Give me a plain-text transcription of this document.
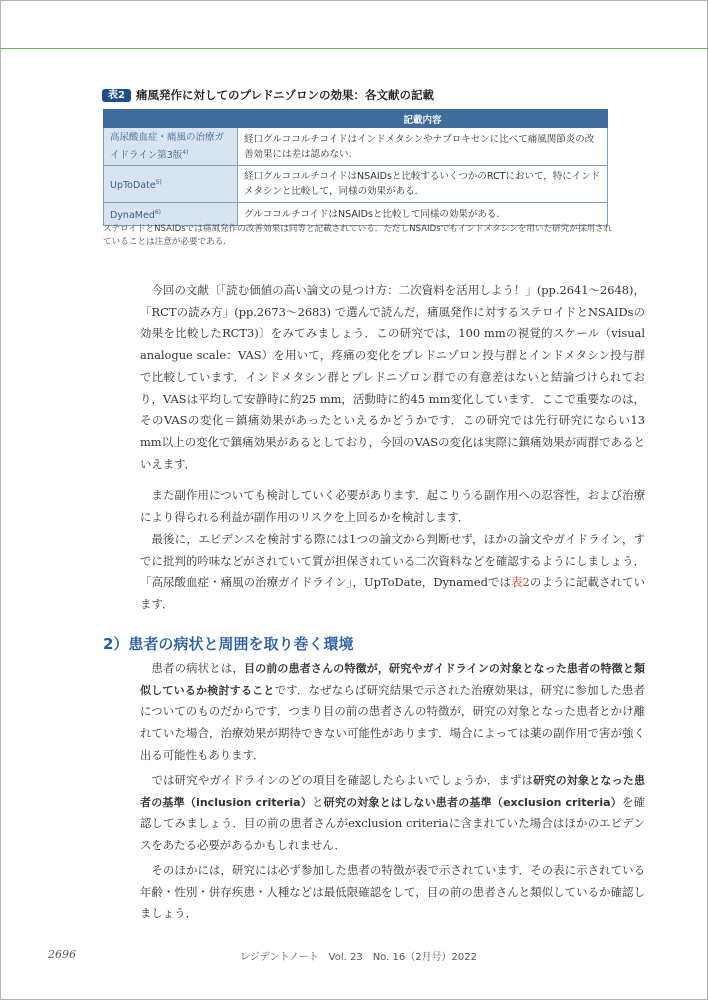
表2 痛風発作に対してのプレドニゾロンの効果：各文献の記載
	記載内容
高尿酸血症・痛風の治療ガイドライン第3版$^{4)}$	経口グルココルチコイドはインドメタシンやナプロキセンに比べて痛風関節炎の改善効果には差は認めない.
UpToDate$^{5)}$	経口グルココルチコイドはNSAIDsと比較するいくつかのRCTにおいて，特にインドメタシンと比較して，同様の効果がある.
DynaMed$^{6)}$	グルココルチコイドはNSAIDsと比較して同様の効果がある.
ステロイドとNSAIDsでは痛風発作の改善効果は同等と記載されている．ただしNSAIDsでもインドメタシンを用いた研究が採用されていることは注意が必要である．
今回の文献〔「読む価値の高い論文の見つけ方：二次資料を活用しよう！」(pp.2641～2648)，「RCTの読み方」(pp.2673～2683) で選んで読んだ，痛風発作に対するステロイドとNSAIDsの効果を比較したRCT3)〕をみてみましょう．この研究では，100 mmの視覚的スケール（visual analogue scale：VAS）を用いて，疼痛の変化をプレドニゾロン投与群とインドメタシン投与群で比較しています．インドメタシン群とプレドニゾロン群での有意差はないと結論づけられており，VASは平均して安静時に約25 mm，活動時に約45 mm変化しています．ここで重要なのは，そのVASの変化＝鎮痛効果があったといえるかどうかです．この研究では先行研究にならい13 mm以上の変化で鎮痛効果があるとしており，今回のVASの変化は実際に鎮痛効果が両群であるといえます．
また副作用についても検討していく必要があります．起こりうる副作用への忍容性，および治療により得られる利益が副作用のリスクを上回るかを検討します．
最後に，エビデンスを検討する際には1つの論文から判断せず，ほかの論文やガイドライン，すでに批判的吟味などがされていて質が担保されている二次資料などを確認するようにしましょう．「高尿酸血症・痛風の治療ガイドライン」，UpToDate，Dynamedでは表2のように記載されています．
2）患者の病状と周囲を取り巻く環境
患者の病状とは，目の前の患者さんの特徴が，研究やガイドラインの対象となった患者の特徴と類似しているか検討することです．なぜならば研究結果で示された治療効果は，研究に参加した患者についてのものだからです．つまり目の前の患者さんの特徴が，研究の対象となった患者とかけ離れていた場合，治療効果が期待できない可能性があります．場合によっては薬の副作用で害が強く出る可能性もあります．
では研究やガイドラインのどの項目を確認したらよいでしょうか．まずは研究の対象となった患者の基準（inclusion criteria）と研究の対象とはしない患者の基準（exclusion criteria）を確認してみましょう．目の前の患者さんがexclusion criteriaに含まれていた場合はほかのエビデンスをあたる必要があるかもしれません．
そのほかには，研究には必ず参加した患者の特徴が表で示されています．その表に示されている年齢・性別・併存疾患・人種などは最低限確認をして，目の前の患者さんと類似しているか確認しましょう．
2696	レジデントノート　Vol. 23　No. 16（2月号）2022
